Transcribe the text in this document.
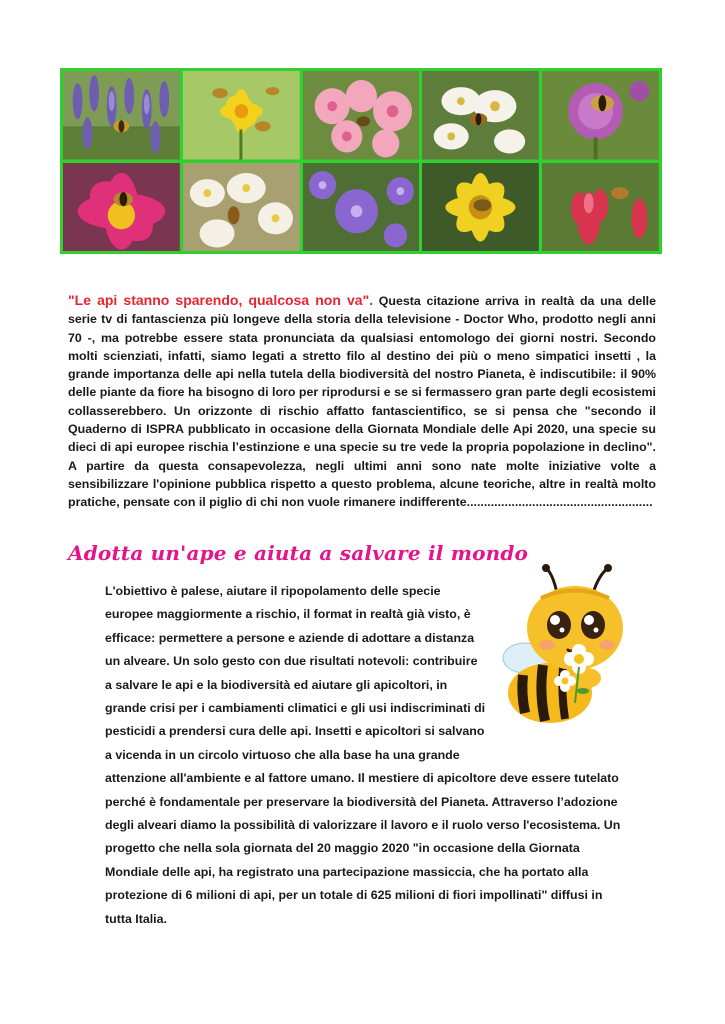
"Le api stanno sparendo, qualcosa non va". Questa citazione arriva in realtà da una delle serie tv di fantascienza più longeve della storia della televisione - Doctor Who, prodotto negli anni 70 -, ma potrebbe essere stata pronunciata da qualsiasi entomologo dei giorni nostri. Secondo molti scienziati, infatti, siamo legati a stretto filo al destino dei più o meno simpatici insetti , la grande importanza delle api nella tutela della biodiversità del nostro Pianeta, è indiscutibile: il 90% delle piante da fiore ha bisogno di loro per riprodursi e se si fermassero gran parte degli ecosistemi collasserebbero. Un orizzonte di rischio affatto fantascientifico, se si pensa che "secondo il Quaderno di ISPRA pubblicato in occasione della Giornata Mondiale delle Api 2020, una specie su dieci di api europee rischia l’estinzione e una specie su tre vede la propria popolazione in declino". A partire da questa consapevolezza, negli ultimi anni sono nate molte iniziative volte a sensibilizzare l'opinione pubblica rispetto a questo problema, alcune teoriche, altre in realtà molto pratiche, pensate con il piglio di chi non vuole rimanere indifferente......................................................

Adotta un'ape e aiuta a salvare il mondo

L'obiettivo è palese, aiutare il ripopolamento delle specie europee maggiormente a rischio, il format in realtà già visto, è efficace: permettere a persone e aziende di adottare a distanza un alveare. Un solo gesto con due risultati notevoli: contribuire a salvare le api e la biodiversità ed aiutare gli apicoltori, in grande crisi per i cambiamenti climatici e gli usi indiscriminati di pesticidi a prendersi cura delle api. Insetti e apicoltori si salvano a vicenda in un circolo virtuoso che alla base ha una grande attenzione all'ambiente e al fattore umano. Il mestiere di apicoltore deve essere tutelato perché è fondamentale per preservare la biodiversità del Pianeta. Attraverso l’adozione degli alveari diamo la possibilità di valorizzare il lavoro e il ruolo verso l'ecosistema. Un progetto che nella sola giornata del 20 maggio 2020 "in occasione della Giornata Mondiale delle api, ha registrato una partecipazione massiccia, che ha portato alla protezione di 6 milioni di api, per un totale di 625 milioni di fiori impollinati" diffusi in tutta Italia.
